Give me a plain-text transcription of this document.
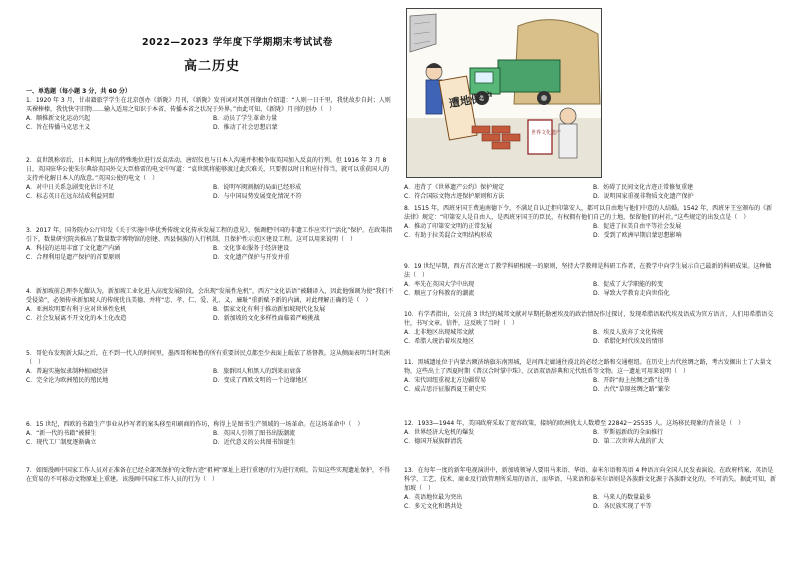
2022—2023 学年度下学期期末考试试卷
高二历史
一、单选题（每小题 3 分，共 60 分）

1．1920 年 3 月，甘肃籍旅学学生在北京创办《新陇》月刊，《新陇》发刊词对其创刊缘由介绍道：“人则一日千里，我忧故步自封；人则买裸棒榛，我忧快守旧物……输入适用之知识于本省，传播本省之状况于外界。”由此可知，《新陇》月刊的创办（　）

A．顺推新文化运动兴起	B．动员了学生革命力量
C．旨在传播马克思主义	D．推动了社会思想启蒙

2．袁世凯称帝后，日本利用上海的特殊地位进行反袁活动，唐绍仪也与日本人沟通并积极争取英国加入反袁的行列。但 1916 年 3 月 8 日，英国驻华公使朱尔典给英国外交大臣格雷的电文中写道：“袁世凯将能够渡过此次难关，只要假以时日和应付得当，就可以重获国人的支持并化解日本人的敌意。”英国公使的电文（　）

A．对中日关系急剧变化估计不足	B．说明军阀割据的局面已经形成
C．标志英日在远东结成利益同盟	D．与中国局势发展变化情况不符

3．2017 年，国务院办公厅印发《关于实施中华优秀传统文化传承发展工程的意见》，强调把中国的非遗工作应实行“活化”保护。在政策指引下，数量研究院共推出了数量数字博物馆的创建、西县侗族的入行机制，且保护性示范区建设工程。这可以用来说明（　）

A．科技的运用丰富了文化遗产内涵	B．文化事业服务于经济建设
C．合理利用是遗产保护的首要原则	D．文化遗产保护与开发并重

4．新加坡前总理李光耀认为，新加坡工业化进入高度发展阶段，会出现“发展性危机”，西方“文化话语”被翻译入，因此他强调为使“我们不受侵染”，必须传承新加坡人的传统优良美德，并将“忠、孝、仁、爱、礼、义、廉耻”重新赋予新的内涵，对此理解正确的是（　）

A．亚洲坎明要有利于应对世界性危机	B．儒家文化有利于推动新加坡现代化发展
C．社会发展离不开文化的本土化改造	D．新加坡的文化多样性面临着严峻挑战

5．哥伦布发现新大陆之后，在不到一代人的时间里，墨西哥和秘鲁的所有重要居民点都至少表面上皈依了基督教。这从侧面表明当时美洲（　）

A．普遍实施奴隶制种植园经济	B．旅群因人和黑人的到来而衰落
C．完全沦为欧洲殖民的殖民地	D．变成了西欧文明的一个边缘地区

6．15 世纪，西欧的书籍生产事业从抄写者的案头移至印刷商的作坊，称得上是图书生产领域的一场革命。在这场革命中（　）

A．“新一代的书籍”被催生	B．英国人引领了图书出版潮流
C．现代工厂制度逐渐确立	D．近代意义的公共图书馆诞生

7．如图漫画中国家工作人员对正准备在已经全部死保护的文物古迹“祖祠”原址上进行重建的行为进行劝阻，告知这些实现遗址保护，不得在贸易的不可移动文物原址上重建。该漫画中国家工作人员的行为（　）

遭地保护
世界文化遗产
A．违背了《世界遗产公约》保护规定	B．妨碍了民间文化古迹正常修复重建
C．符合国际文物古迹保护原则和方法	D．说明国家重视非物质文化遗产保护

8．1515 年，西班牙国王费迪南德下令，不满足自认迁拒印第安人，都可以自由地与他们中意的人结婚。1542 年，西班牙王室颁布的《新法律》规定：“印第安人是自由人，是西班牙国王的臣民，有权拥有他们自己的土地，保留他们的村社。”这些规定的出发点是（　）

A．推动了印第安文明的正常发展	B．促进了拉美自由平等社会发展
C．有助于拉美混合文明结构形成	D．受到了欧洲早期启蒙思想影响

9．19 世纪早期，西方首次建立了教学科研相统一的原则，坚持大学教师是科研工作者，在教学中向学生展示自己最新的科研成果。这种做法（　）

A．率先在英国大学中出现	B．促成了大学职能的转变
C．顺应了分科教育的潮流	D．导致大学教育走向世俗化

10．有学者指出，公元前 3 世纪的城邦文献对早期托勒密埃及的政治情况作过探讨，发现希腊语取代埃及语成为官方语言，人们用希腊语交往，书写文章。信件，这反映了当时（　）

A．北非地区出现城邦文献	B．埃及人放弃了文化传统
C．希腊人统治着埃及地区	D．希腊化时代埃及的情形

11．黑城遗址位于内蒙古额济纳旗东南黑城，是河西走廊通往漠北的必经之路和交通枢纽。在历史上古代丝绸之路，考古发掘出土了大量文物，这些出土了西夏时期《普汉合时掌中珠》、汉语双语辞典和元代纸币等文物。这一遗址可用来说明（　）

A．宋代回纽重视北方边疆贸易	B．开辟“海上丝绸之路”壮举
C．威吉思汗征服西夏王朝史实	D．古代“草原丝绸之路”繁荣

12．1933—1944 年，美国政府采取了宽容政策，接纳的欧洲犹太人数增至 22842～25535 人。这场移民现象的背景是（　）

A．世界经济大危机的爆发	B．罗斯福新政的全面推行
C．德国开展族群清洗	D．第二次世界大战的扩大

13．在每年一度的新年电视演讲中，新加坡领导人要用马来语、华语、泰米尔语和英语 4 种语言向全国人民发表演说。在政府档案，英语是科学、工艺、技术、商业及行政管理所采用的语言，而华语、马来语和泰米尔语则是各族群文化源于各族群文化的，不可消失。据此可知，新加坡（　）

A．英语地位最为突出	B．马来人的数量最多
C．多元文化和谐共处	D．各民族实现了平等
